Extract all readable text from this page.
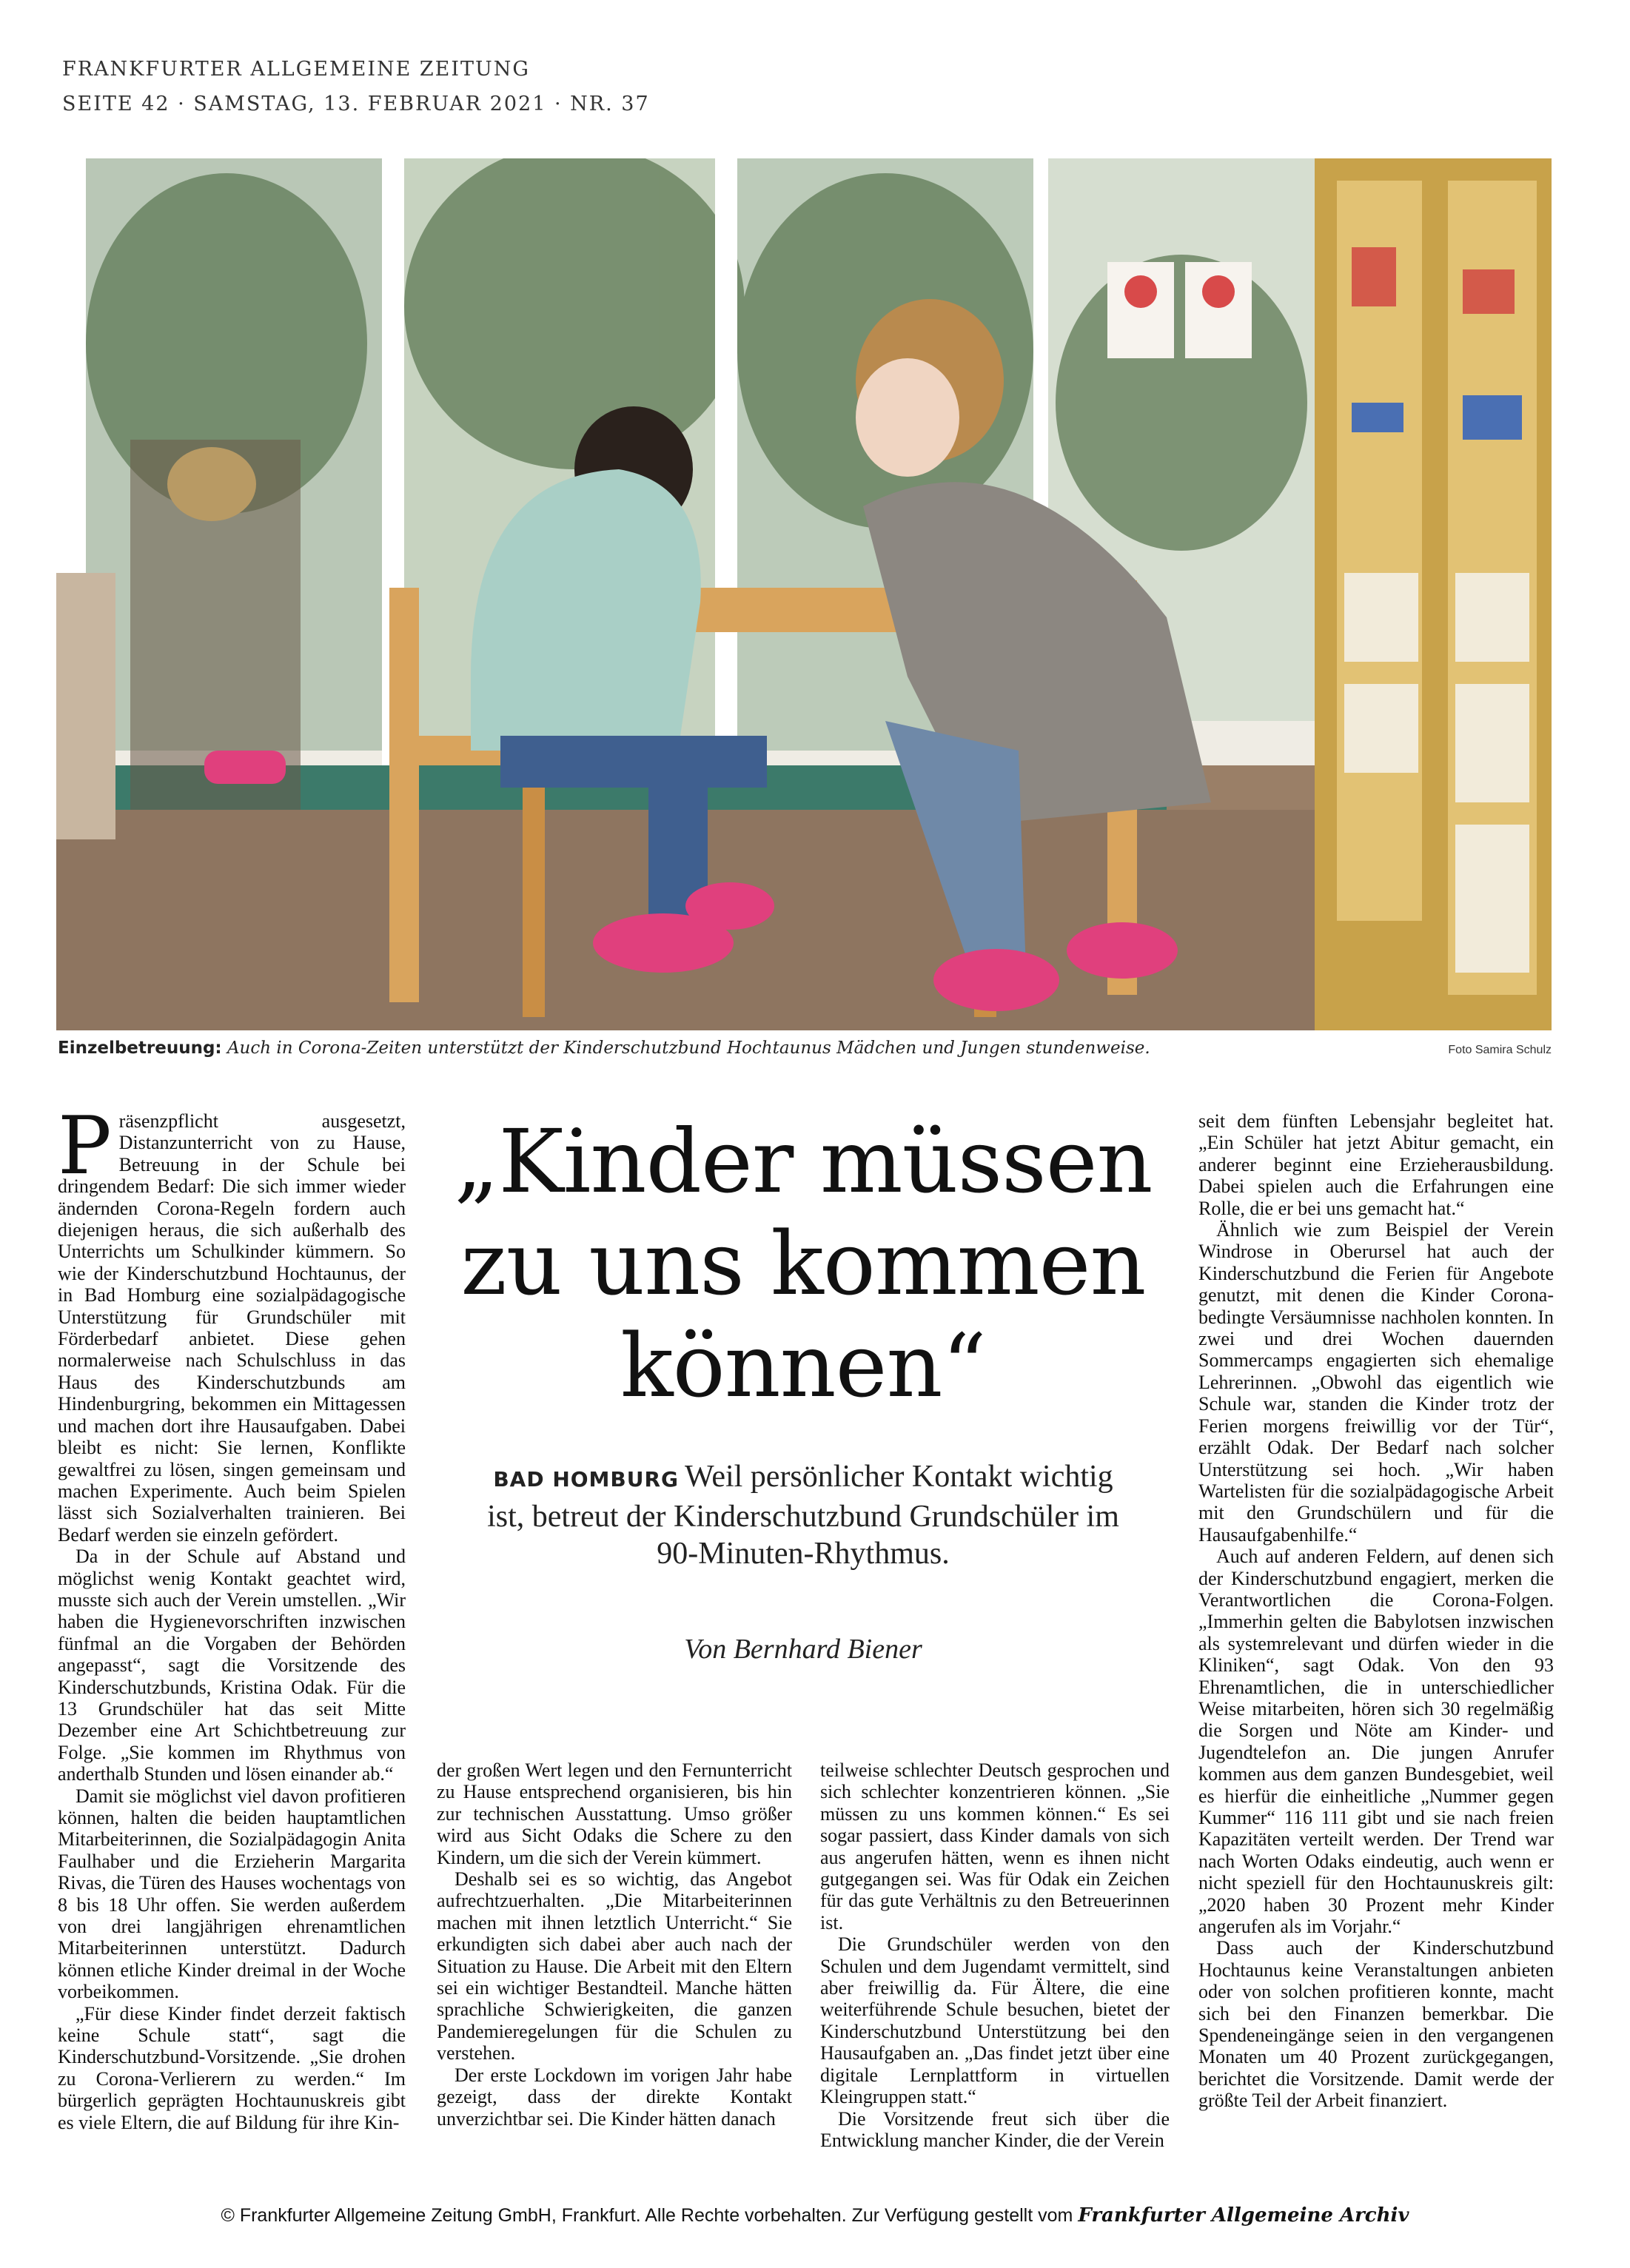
FRANKFURTER ALLGEMEINE ZEITUNG
SEITE 42 · SAMSTAG, 13. FEBRUAR 2021 · NR. 37
Einzelbetreuung: Auch in Corona-Zeiten unterstützt der Kinderschutzbund Hochtaunus Mädchen und Jungen stundenweise.	Foto Samira Schulz

Präsenzpflicht ausgesetzt, Distanzunterricht von zu Hause, Betreuung in der Schule bei dringendem Bedarf: Die sich immer wieder ändernden Corona-Regeln fordern auch diejenigen heraus, die sich außerhalb des Unterrichts um Schulkinder kümmern. So wie der Kinderschutzbund Hochtaunus, der in Bad Homburg eine sozialpädagogische Unterstützung für Grundschüler mit Förderbedarf anbietet. Diese gehen normalerweise nach Schulschluss in das Haus des Kinderschutzbunds am Hindenburgring, bekommen ein Mittagessen und machen dort ihre Hausaufgaben. Dabei bleibt es nicht: Sie lernen, Konflikte gewaltfrei zu lösen, singen gemeinsam und machen Experimente. Auch beim Spielen lässt sich Sozialverhalten trainieren. Bei Bedarf werden sie einzeln gefördert.

Da in der Schule auf Abstand und möglichst wenig Kontakt geachtet wird, musste sich auch der Verein umstellen. „Wir haben die Hygienevorschriften inzwischen fünfmal an die Vorgaben der Behörden angepasst“, sagt die Vorsitzende des Kinderschutzbunds, Kristina Odak. Für die 13 Grundschüler hat das seit Mitte Dezember eine Art Schichtbetreuung zur Folge. „Sie kommen im Rhythmus von anderthalb Stunden und lösen einander ab.“

Damit sie möglichst viel davon profitieren können, halten die beiden hauptamtlichen Mitarbeiterinnen, die Sozialpädagogin Anita Faulhaber und die Erzieherin Margarita Rivas, die Türen des Hauses wochentags von 8 bis 18 Uhr offen. Sie werden außerdem von drei langjährigen ehrenamtlichen Mitarbeiterinnen unterstützt. Dadurch können etliche Kinder dreimal in der Woche vorbeikommen.

„Für diese Kinder findet derzeit faktisch keine Schule statt“, sagt die Kinderschutzbund-Vorsitzende. „Sie drohen zu Corona-Verlierern zu werden.“ Im bürgerlich geprägten Hochtaunuskreis gibt es viele Eltern, die auf Bildung für ihre Kin-

„Kinder müssen
zu uns kommen
können“
BAD HOMBURG Weil persönlicher Kontakt wichtig ist, betreut der Kinderschutzbund Grundschüler im 90-Minuten-Rhythmus.
Von Bernhard Biener

der großen Wert legen und den Fernunterricht zu Hause entsprechend organisieren, bis hin zur technischen Ausstattung. Umso größer wird aus Sicht Odaks die Schere zu den Kindern, um die sich der Verein kümmert.

Deshalb sei es so wichtig, das Angebot aufrechtzuerhalten. „Die Mitarbeiterinnen machen mit ihnen letztlich Unterricht.“ Sie erkundigten sich dabei aber auch nach der Situation zu Hause. Die Arbeit mit den Eltern sei ein wichtiger Bestandteil. Manche hätten sprachliche Schwierigkeiten, die ganzen Pandemieregelungen für die Schulen zu verstehen.

Der erste Lockdown im vorigen Jahr habe gezeigt, dass der direkte Kontakt unverzichtbar sei. Die Kinder hätten danach

teilweise schlechter Deutsch gesprochen und sich schlechter konzentrieren können. „Sie müssen zu uns kommen können.“ Es sei sogar passiert, dass Kinder damals von sich aus angerufen hätten, wenn es ihnen nicht gutgegangen sei. Was für Odak ein Zeichen für das gute Verhältnis zu den Betreuerinnen ist.

Die Grundschüler werden von den Schulen und dem Jugendamt vermittelt, sind aber freiwillig da. Für Ältere, die eine weiterführende Schule besuchen, bietet der Kinderschutzbund Unterstützung bei den Hausaufgaben an. „Das findet jetzt über eine digitale Lernplattform in virtuellen Kleingruppen statt.“

Die Vorsitzende freut sich über die Entwicklung mancher Kinder, die der Verein

seit dem fünften Lebensjahr begleitet hat. „Ein Schüler hat jetzt Abitur gemacht, ein anderer beginnt eine Erzieherausbildung. Dabei spielen auch die Erfahrungen eine Rolle, die er bei uns gemacht hat.“

Ähnlich wie zum Beispiel der Verein Windrose in Oberursel hat auch der Kinderschutzbund die Ferien für Angebote genutzt, mit denen die Kinder Corona-bedingte Versäumnisse nachholen konnten. In zwei und drei Wochen dauernden Sommercamps engagierten sich ehemalige Lehrerinnen. „Obwohl das eigentlich wie Schule war, standen die Kinder trotz der Ferien morgens freiwillig vor der Tür“, erzählt Odak. Der Bedarf nach solcher Unterstützung sei hoch. „Wir haben Wartelisten für die sozialpädagogische Arbeit mit den Grundschülern und für die Hausaufgabenhilfe.“

Auch auf anderen Feldern, auf denen sich der Kinderschutzbund engagiert, merken die Verantwortlichen die Corona-Folgen. „Immerhin gelten die Babylotsen inzwischen als systemrelevant und dürfen wieder in die Kliniken“, sagt Odak. Von den 93 Ehrenamtlichen, die in unterschiedlicher Weise mitarbeiten, hören sich 30 regelmäßig die Sorgen und Nöte am Kinder- und Jugendtelefon an. Die jungen Anrufer kommen aus dem ganzen Bundesgebiet, weil es hierfür die einheitliche „Nummer gegen Kummer“ 116 111 gibt und sie nach freien Kapazitäten verteilt werden. Der Trend war nach Worten Odaks eindeutig, auch wenn er nicht speziell für den Hochtaunuskreis gilt: „2020 haben 30 Prozent mehr Kinder angerufen als im Vorjahr.“

Dass auch der Kinderschutzbund Hochtaunus keine Veranstaltungen anbieten oder von solchen profitieren konnte, macht sich bei den Finanzen bemerkbar. Die Spendeneingänge seien in den vergangenen Monaten um 40 Prozent zurückgegangen, berichtet die Vorsitzende. Damit werde der größte Teil der Arbeit finanziert.

© Frankfurter Allgemeine Zeitung GmbH, Frankfurt. Alle Rechte vorbehalten. Zur Verfügung gestellt vom Frankfurter Allgemeine Archiv
